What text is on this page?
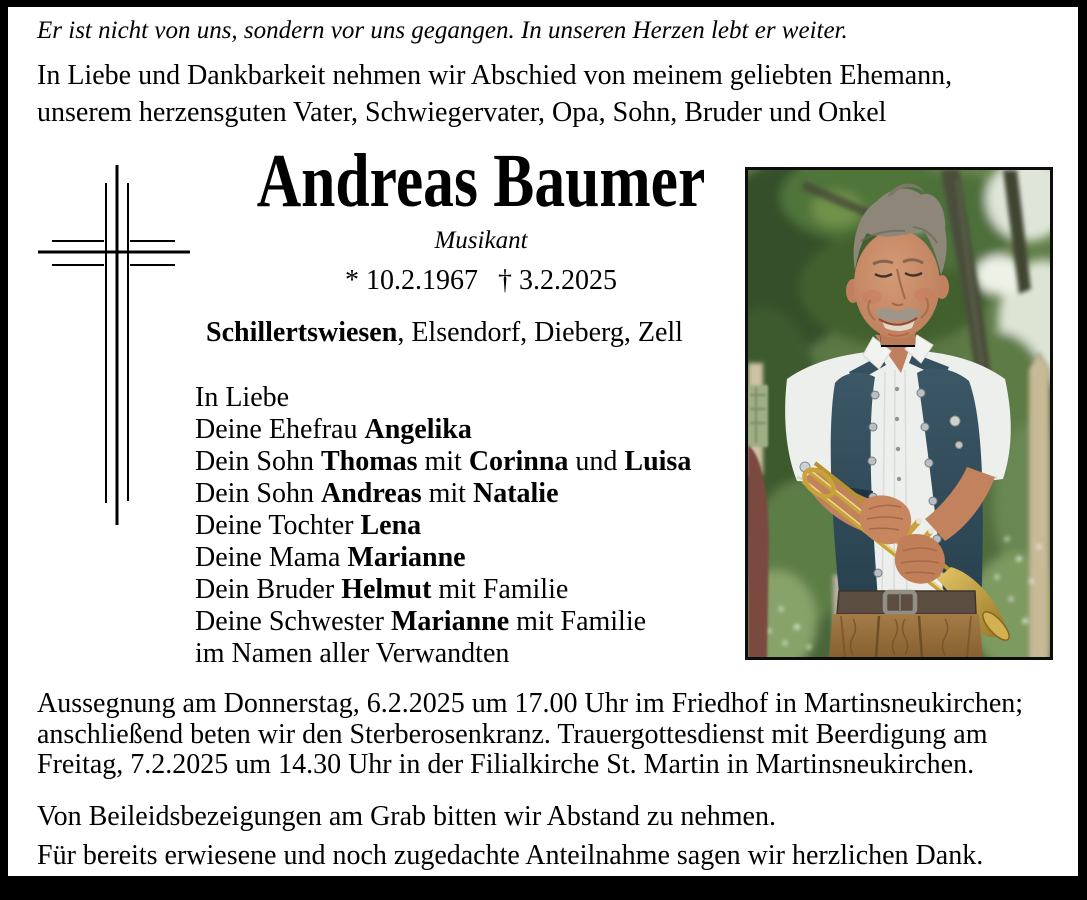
Er ist nicht von uns, sondern vor uns gegangen. In unseren Herzen lebt er weiter.
In Liebe und Dankbarkeit nehmen wir Abschied von meinem geliebten Ehemann,
unserem herzensguten Vater, Schwiegervater, Opa, Sohn, Bruder und Onkel
Andreas Baumer
Musikant
* 10.2.1967 † 3.2.2025
Schillertswiesen, Elsendorf, Dieberg, Zell
In Liebe
Deine Ehefrau Angelika
Dein Sohn Thomas mit Corinna und Luisa
Dein Sohn Andreas mit Natalie
Deine Tochter Lena
Deine Mama Marianne
Dein Bruder Helmut mit Familie
Deine Schwester Marianne mit Familie
im Namen aller Verwandten
Aussegnung am Donnerstag, 6.2.2025 um 17.00 Uhr im Friedhof in Martinsneukirchen;
anschließend beten wir den Sterberosenkranz. Trauergottesdienst mit Beerdigung am
Freitag, 7.2.2025 um 14.30 Uhr in der Filialkirche St. Martin in Martinsneukirchen.
Von Beileidsbezeigungen am Grab bitten wir Abstand zu nehmen.
Für bereits erwiesene und noch zugedachte Anteilnahme sagen wir herzlichen Dank.
